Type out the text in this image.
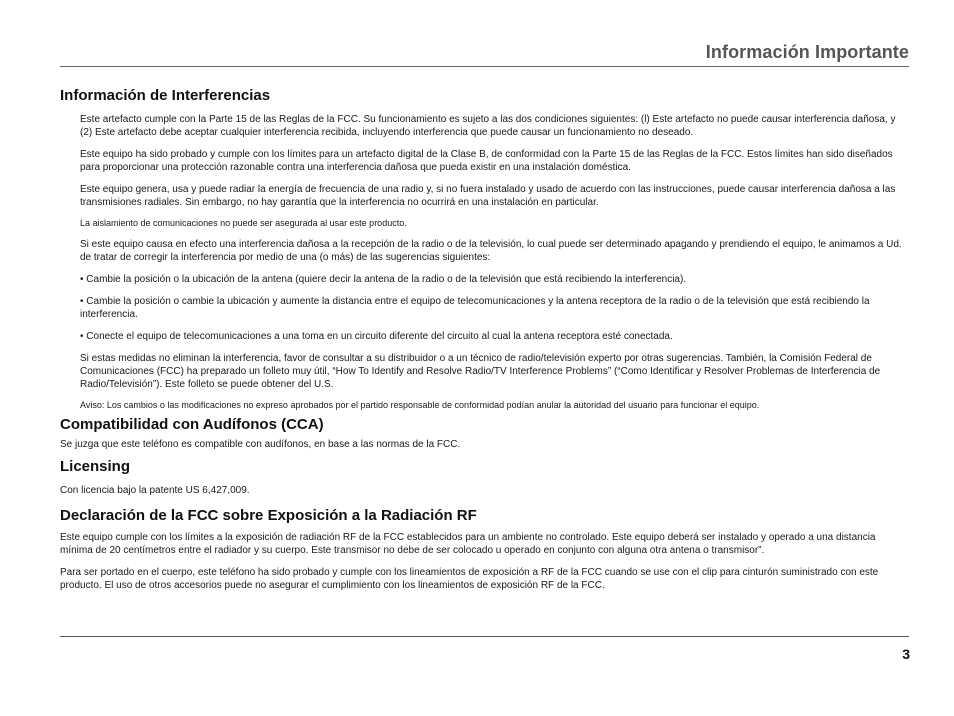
Información Importante
Información de Interferencias

Este artefacto cumple con la Parte 15 de las Reglas de la FCC. Su funcionamiento es sujeto a las dos condiciones siguientes: (l) Este artefacto no puede causar interferencia dañosa, y (2) Este artefacto debe aceptar cualquier interferencia recibida, incluyendo interferencia que puede causar un funcionamiento no deseado.

Este equipo ha sido probado y cumple con los límites para un artefacto digital de la Clase B, de conformidad con la Parte 15 de las Reglas de la FCC. Estos límites han sido diseñados para proporcionar una protección razonable contra una interferencia dañosa que pueda existir en una instalación doméstica.

Este equipo genera, usa y puede radiar la energía de frecuencia de una radio y, si no fuera instalado y usado de acuerdo con las instrucciones, puede causar interferencia dañosa a las transmisiones radiales. Sin embargo, no hay garantía que la interferencia no ocurrirá en una instalación en particular.

La aislamiento de comunicaciones no puede ser asegurada al usar este producto.

Si este equipo causa en efecto una interferencia dañosa a la recepción de la radio o de la televisión, lo cual puede ser determinado apagando y prendiendo el equipo, le animamos a Ud. de tratar de corregir la interferencia por medio de una (o más) de las sugerencias siguientes:

• Cambie la posición o la ubicación de la antena (quiere decir la antena de la radio o de la televisión que está recibiendo la interferencia).

• Cambie la posición o cambie la ubicación y aumente la distancia entre el equipo de telecomunicaciones y la antena receptora de la radio o de la televisión que está recibiendo la interferencia.

• Conecte el equipo de telecomunicaciones a una toma en un circuito diferente del circuito al cual la antena receptora esté conectada.

Si estas medidas no eliminan la interferencia, favor de consultar a su distribuidor o a un técnico de radio/televisión experto por otras sugerencias. También, la Comisión Federal de Comunicaciones (FCC) ha preparado un folleto muy útil, “How To Identify and Resolve Radio/TV Interference Problems” (“Como Identificar y Resolver Problemas de Interferencia de Radio/Televisión”). Este folleto se puede obtener del U.S.

Aviso: Los cambios o las modificaciones no expreso aprobados por el partido responsable de conformidad podían anular la autoridad del usuario para funcionar el equipo.

Compatibilidad con Audífonos (CCA)

Se juzga que este teléfono es compatible con audífonos, en base a las normas de la FCC.

Licensing

Con licencia bajo la patente US 6,427,009.

Declaración de la FCC sobre Exposición a la Radiación RF

Este equipo cumple con los límites a la exposición de radiación RF de la FCC establecidos para un ambiente no controlado. Este equipo deberá ser instalado y operado a una distancia mínima de 20 centímetros entre el radiador y su cuerpo. Este transmisor no debe de ser colocado u operado en conjunto con alguna otra antena o transmisor”.

Para ser portado en el cuerpo, este teléfono ha sido probado y cumple con los lineamientos de exposición a RF de la FCC cuando se use con el clip para cinturón suministrado con este producto. El uso de otros accesorios puede no asegurar el cumplimiento con los lineamientos de exposición RF de la FCC.

3
